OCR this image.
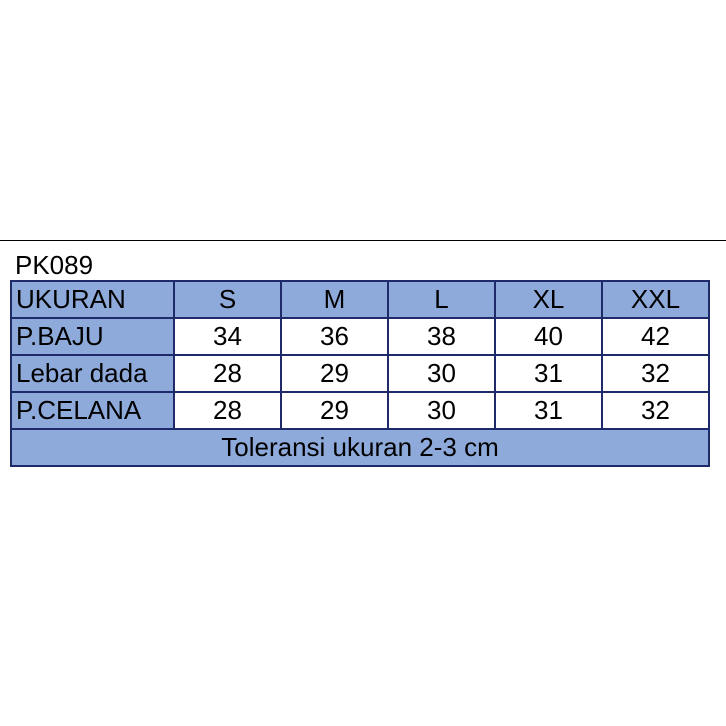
PK089
UKURAN	S	M	L	XL	XXL
P.BAJU	34	36	38	40	42
Lebar dada	28	29	30	31	32
P.CELANA	28	29	30	31	32
Toleransi ukuran 2-3 cm					
